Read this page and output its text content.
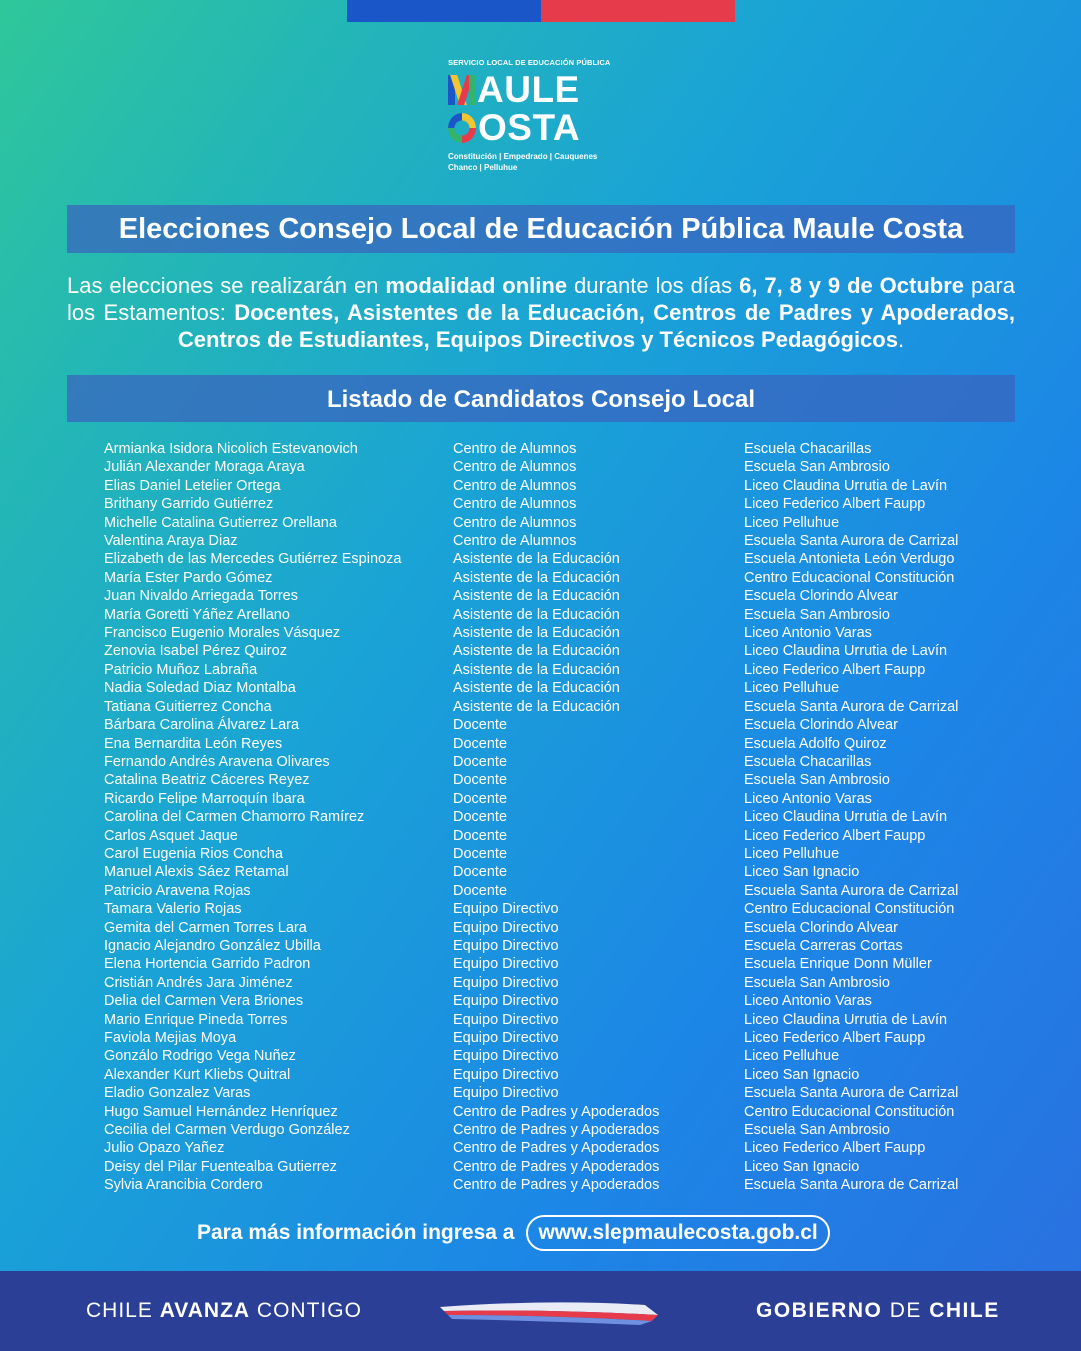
SERVICIO LOCAL DE EDUCACIÓN PÚBLICA
AULE
OSTA
Constitución | Empedrado | Cauquenes
Chanco | Pelluhue
Elecciones Consejo Local de Educación Pública Maule Costa
Las elecciones se realizarán en modalidad online durante los días 6, 7, 8 y 9 de Octubre para los Estamentos: Docentes, Asistentes de la Educación, Centros de Padres y Apoderados, Centros de Estudiantes, Equipos Directivos y Técnicos Pedagógicos.
Listado de Candidatos Consejo Local
Armianka Isidora Nicolich Estevanovich	Centro de Alumnos	Escuela Chacarillas
Julián Alexander Moraga Araya	Centro de Alumnos	Escuela San Ambrosio
Elias Daniel Letelier Ortega	Centro de Alumnos	Liceo Claudina Urrutia de Lavín
Brithany Garrido Gutiérrez	Centro de Alumnos	Liceo Federico Albert Faupp
Michelle Catalina Gutierrez Orellana	Centro de Alumnos	Liceo Pelluhue
Valentina Araya Diaz	Centro de Alumnos	Escuela Santa Aurora de Carrizal
Elizabeth de las Mercedes Gutiérrez Espinoza	Asistente de la Educación	Escuela Antonieta León Verdugo
María Ester Pardo Gómez	Asistente de la Educación	Centro Educacional Constitución
Juan Nivaldo Arriegada Torres	Asistente de la Educación	Escuela Clorindo Alvear
María Goretti Yáñez Arellano	Asistente de la Educación	Escuela San Ambrosio
Francisco Eugenio Morales Vásquez	Asistente de la Educación	Liceo Antonio Varas
Zenovia Isabel Pérez Quiroz	Asistente de la Educación	Liceo Claudina Urrutia de Lavín
Patricio Muñoz Labraña	Asistente de la Educación	Liceo Federico Albert Faupp
Nadia Soledad Diaz Montalba	Asistente de la Educación	Liceo Pelluhue
Tatiana Guitierrez Concha	Asistente de la Educación	Escuela Santa Aurora de Carrizal
Bárbara Carolina Álvarez Lara	Docente	Escuela Clorindo Alvear
Ena Bernardita León Reyes	Docente	Escuela Adolfo Quiroz
Fernando Andrés Aravena Olivares	Docente	Escuela Chacarillas
Catalina Beatriz Cáceres Reyez	Docente	Escuela San Ambrosio
Ricardo Felipe Marroquín Ibara	Docente	Liceo Antonio Varas
Carolina del Carmen Chamorro Ramírez	Docente	Liceo Claudina Urrutia de Lavín
Carlos Asquet Jaque	Docente	Liceo Federico Albert Faupp
Carol Eugenia Rios Concha	Docente	Liceo Pelluhue
Manuel Alexis Sáez Retamal	Docente	Liceo San Ignacio
Patricio Aravena Rojas	Docente	Escuela Santa Aurora de Carrizal
Tamara Valerio Rojas	Equipo Directivo	Centro Educacional Constitución
Gemita del Carmen Torres Lara	Equipo Directivo	Escuela Clorindo Alvear
Ignacio Alejandro González Ubilla	Equipo Directivo	Escuela Carreras Cortas
Elena Hortencia Garrido Padron	Equipo Directivo	Escuela Enrique Donn Müller
Cristián Andrés Jara Jiménez	Equipo Directivo	Escuela San Ambrosio
Delia del Carmen Vera Briones	Equipo Directivo	Liceo Antonio Varas
Mario Enrique Pineda Torres	Equipo Directivo	Liceo Claudina Urrutia de Lavín
Faviola Mejias Moya	Equipo Directivo	Liceo Federico Albert Faupp
Gonzálo Rodrigo Vega Nuñez	Equipo Directivo	Liceo Pelluhue
Alexander Kurt Kliebs Quitral	Equipo Directivo	Liceo San Ignacio
Eladio Gonzalez Varas	Equipo Directivo	Escuela Santa Aurora de Carrizal
Hugo Samuel Hernández Henríquez	Centro de Padres y Apoderados	Centro Educacional Constitución
Cecilia del Carmen Verdugo González	Centro de Padres y Apoderados	Escuela San Ambrosio
Julio Opazo Yañez	Centro de Padres y Apoderados	Liceo Federico Albert Faupp
Deisy del Pilar Fuentealba Gutierrez	Centro de Padres y Apoderados	Liceo San Ignacio
Sylvia Arancibia Cordero	Centro de Padres y Apoderados	Escuela Santa Aurora de Carrizal
Para más información ingresa a	www.slepmaulecosta.gob.cl
CHILE AVANZA CONTIGO	GOBIERNO DE CHILE
